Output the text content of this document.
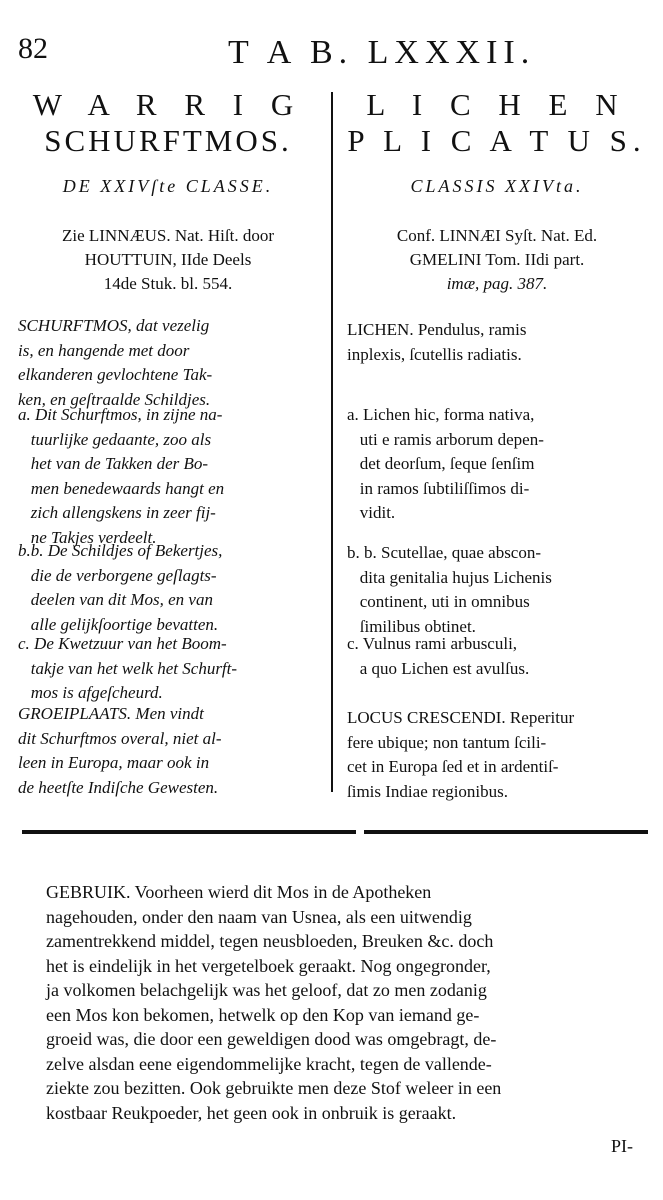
82	T A B. LXXXII.
W A R R I G
SCHURFTMOS.
DE XXIVſte CLASSE.
Zie LINNÆUS. Nat. Hiſt. door
HOUTTUIN, IIde Deels
14de Stuk. bl. 554.
SCHURFTMOS, dat vezelig
is, en hangende met door
elkanderen gevlochtene Tak-
ken, en geſtraalde Schildjes.
a. Dit Schurftmos, in zijne na-
tuurlijke gedaante, zoo als
het van de Takken der Bo-
men benedewaards hangt en
zich allengskens in zeer fij-
ne Takjes verdeelt.
b.b. De Schildjes of Bekertjes,
die de verborgene geſlagts-
deelen van dit Mos, en van
alle gelijkſoortige bevatten.
c. De Kwetzuur van het Boom-
takje van het welk het Schurft-
mos is afgeſcheurd.
GROEIPLAATS. Men vindt
dit Schurftmos overal, niet al-
leen in Europa, maar ook in
de heetſte Indiſche Gewesten.
L I C H E N
P L I C A T U S.
CLASSIS XXIVta.
Conf. LINNÆI Syſt. Nat. Ed.
GMELINI Tom. IIdi part.
imæ, pag. 387.
LICHEN. Pendulus, ramis
inplexis, ſcutellis radiatis.
a. Lichen hic, forma nativa,
uti e ramis arborum depen-
det deorſum, ſeque ſenſim
in ramos ſubtiliſſimos di-
vidit.
b. b. Scutellae, quae abscon-
dita genitalia hujus Lichenis
continent, uti in omnibus
ſimilibus obtinet.
c. Vulnus rami arbusculi,
a quo Lichen est avulſus.
LOCUS CRESCENDI. Reperitur
fere ubique; non tantum ſcili-
cet in Europa ſed et in ardentiſ-
ſimis Indiae regionibus.
GEBRUIK. Voorheen wierd dit Mos in de Apotheken
nagehouden, onder den naam van Usnea, als een uitwendig
zamentrekkend middel, tegen neusbloeden, Breuken &c. doch
het is eindelijk in het vergetelboek geraakt. Nog ongegronder,
ja volkomen belachgelijk was het geloof, dat zo men zodanig
een Mos kon bekomen, hetwelk op den Kop van iemand ge-
groeid was, die door een geweldigen dood was omgebragt, de-
zelve alsdan eene eigendommelijke kracht, tegen de vallende-
ziekte zou bezitten. Ook gebruikte men deze Stof weleer in een
kostbaar Reukpoeder, het geen ook in onbruik is geraakt.
PI-
